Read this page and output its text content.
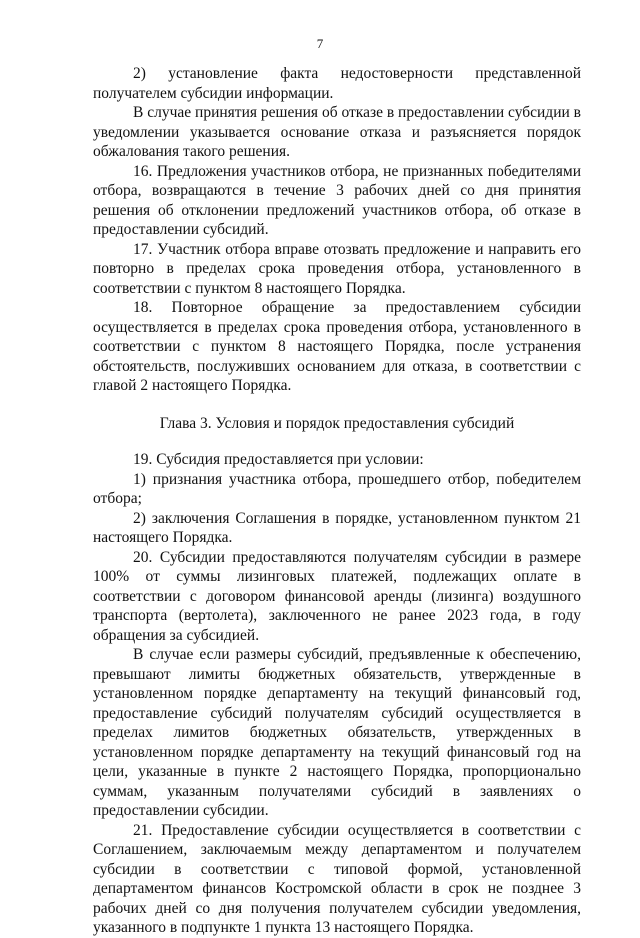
7

2) установление факта недостоверности представленной получателем субсидии информации.

В случае принятия решения об отказе в предоставлении субсидии в уведомлении указывается основание отказа и разъясняется порядок обжалования такого решения.

16. Предложения участников отбора, не признанных победителями отбора, возвращаются в течение 3 рабочих дней со дня принятия решения об отклонении предложений участников отбора, об отказе в предоставлении субсидий.

17. Участник отбора вправе отозвать предложение и направить его повторно в пределах срока проведения отбора, установленного в соответствии с пунктом 8 настоящего Порядка.

18. Повторное обращение за предоставлением субсидии осуществляется в пределах срока проведения отбора, установленного в соответствии с пунктом 8 настоящего Порядка, после устранения обстоятельств, послуживших основанием для отказа, в соответствии с главой 2 настоящего Порядка.

Глава 3. Условия и порядок предоставления субсидий

19. Субсидия предоставляется при условии:

1) признания участника отбора, прошедшего отбор, победителем отбора;

2) заключения Соглашения в порядке, установленном пунктом 21 настоящего Порядка.

20. Субсидии предоставляются получателям субсидии в размере 100% от суммы лизинговых платежей, подлежащих оплате в соответствии с договором финансовой аренды (лизинга) воздушного транспорта (вертолета), заключенного не ранее 2023 года, в году обращения за субсидией.

В случае если размеры субсидий, предъявленные к обеспечению, превышают лимиты бюджетных обязательств, утвержденные в установленном порядке департаменту на текущий финансовый год, предоставление субсидий получателям субсидий осуществляется в пределах лимитов бюджетных обязательств, утвержденных в установленном порядке департаменту на текущий финансовый год на цели, указанные в пункте 2 настоящего Порядка, пропорционально суммам, указанным получателями субсидий в заявлениях о предоставлении субсидии.

21. Предоставление субсидии осуществляется в соответствии с Соглашением, заключаемым между департаментом и получателем субсидии в соответствии с типовой формой, установленной департаментом финансов Костромской области в срок не позднее 3 рабочих дней со дня получения получателем субсидии уведомления, указанного в подпункте 1 пункта 13 настоящего Порядка.
